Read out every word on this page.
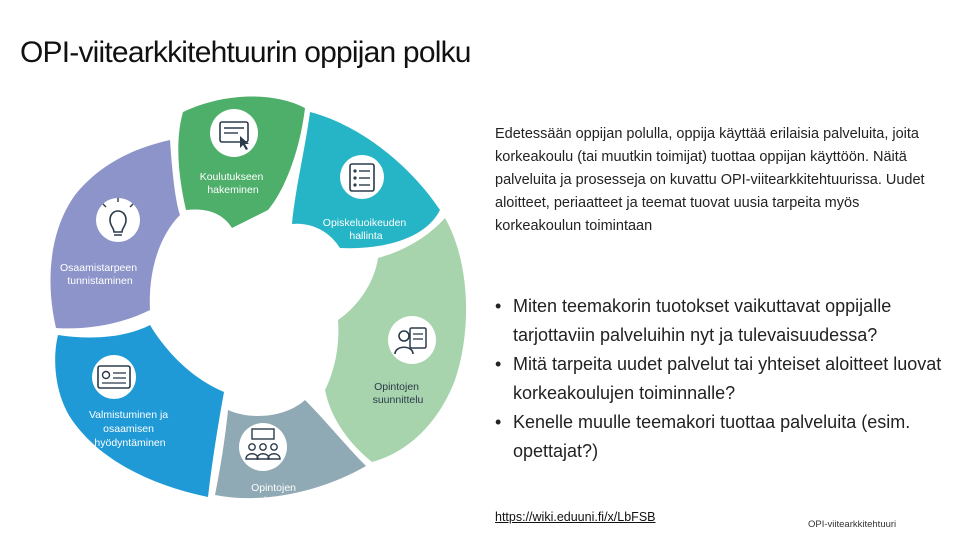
OPI-viitearkkitehtuurin oppijan polku
Koulutukseen hakeminen
Opiskeluoikeuden hallinta
Opintojen suunnittelu
Opintojen suorittaminen
Valmistuminen ja osaamisen hyödyntäminen
Osaamistarpeen tunnistaminen
Edetessään oppijan polulla, oppija käyttää erilaisia palveluita, joita korkeakoulu (tai muutkin toimijat) tuottaa oppijan käyttöön. Näitä palveluita ja prosesseja on kuvattu OPI-viitearkkitehtuurissa. Uudet aloitteet, periaatteet ja teemat tuovat uusia tarpeita myös korkeakoulun toimintaan
• Miten teemakorin tuotokset vaikuttavat oppijalle tarjottaviin palveluihin nyt ja tulevaisuudessa?
• Mitä tarpeita uudet palvelut tai yhteiset aloitteet luovat korkeakoulujen toiminnalle?
• Kenelle muulle teemakori tuottaa palveluita (esim. opettajat?)
https://wiki.eduuni.fi/x/LbFSB
OPI-viitearkkitehtuuri
